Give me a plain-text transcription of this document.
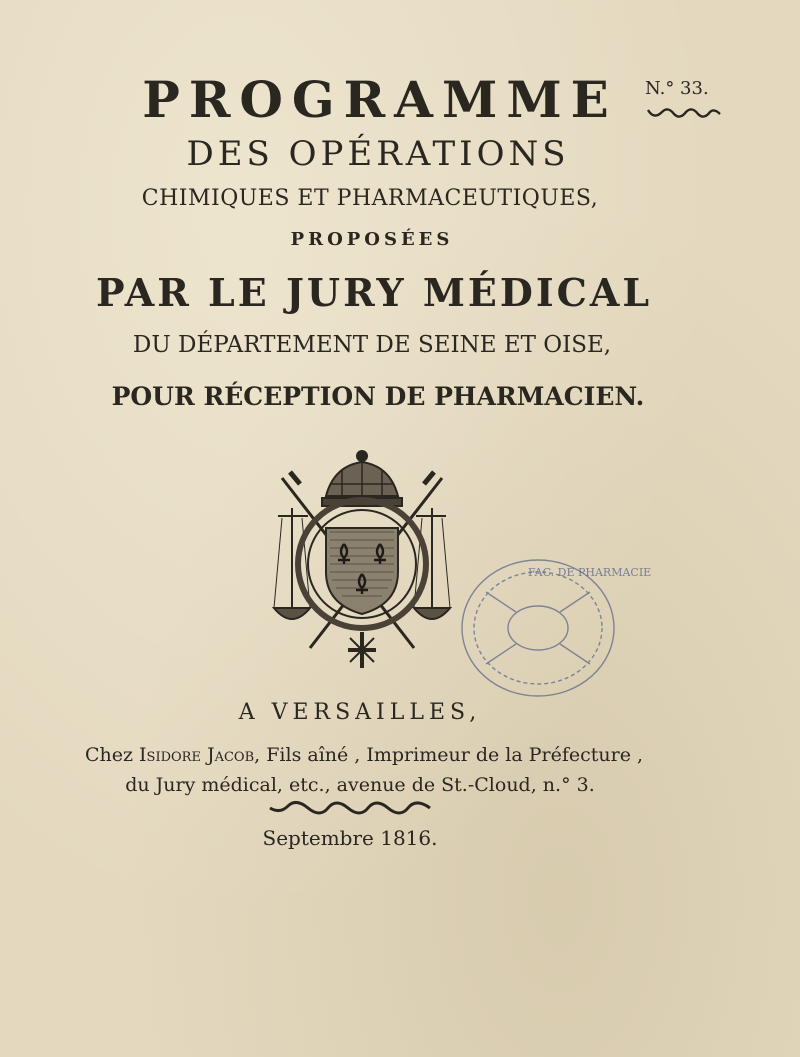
N.° 33.
PROGRAMME
DES OPÉRATIONS
CHIMIQUES ET PHARMACEUTIQUES,
PROPOSÉES
PAR LE JURY MÉDICAL
DU DÉPARTEMENT DE SEINE ET OISE,
POUR RÉCEPTION DE PHARMACIEN.
FAC. DE PHARMACIE
A VERSAILLES,
Chez Isidore Jacob, Fils aîné , Imprimeur de la Préfecture ,
du Jury médical, etc., avenue de St.-Cloud, n.° 3.
Septembre 1816.
